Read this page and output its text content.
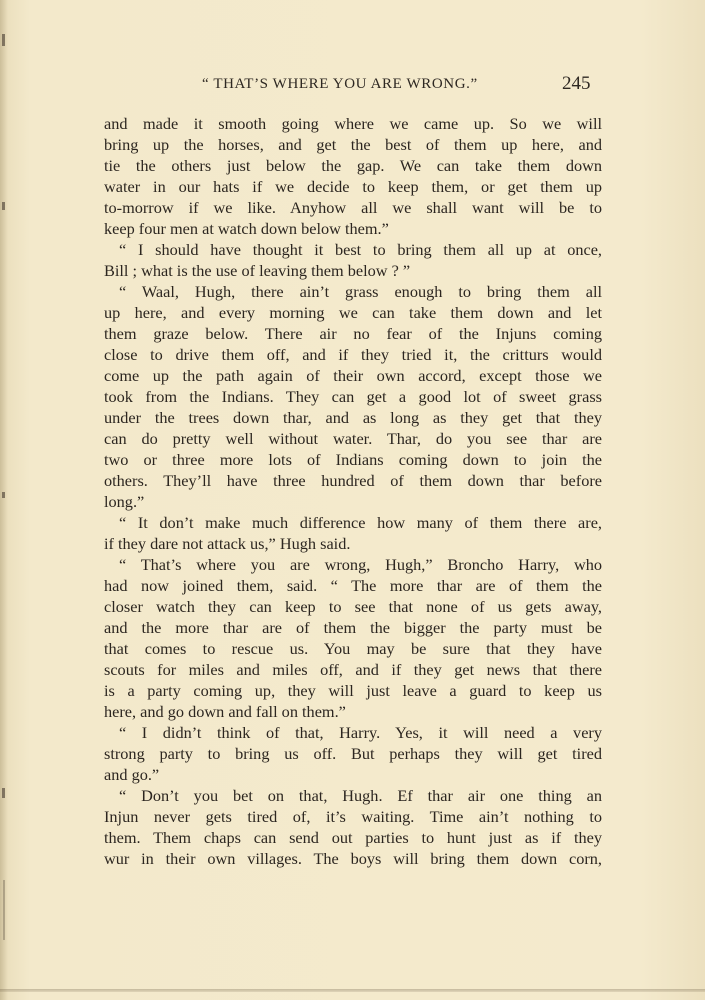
“ THAT’S WHERE YOU ARE WRONG.”	245
and made it smooth going where we came up. So we will
bring up the horses, and get the best of them up here, and
tie the others just below the gap. We can take them down
water in our hats if we decide to keep them, or get them up
to-morrow if we like. Anyhow all we shall want will be to
keep four men at watch down below them.”
“ I should have thought it best to bring them all up at once,
Bill ; what is the use of leaving them below ? ”
“ Waal, Hugh, there ain’t grass enough to bring them all
up here, and every morning we can take them down and let
them graze below. There air no fear of the Injuns coming
close to drive them off, and if they tried it, the critturs would
come up the path again of their own accord, except those we
took from the Indians. They can get a good lot of sweet grass
under the trees down thar, and as long as they get that they
can do pretty well without water. Thar, do you see thar are
two or three more lots of Indians coming down to join the
others. They’ll have three hundred of them down thar before
long.”
“ It don’t make much difference how many of them there are,
if they dare not attack us,” Hugh said.
“ That’s where you are wrong, Hugh,” Broncho Harry, who
had now joined them, said. “ The more thar are of them the
closer watch they can keep to see that none of us gets away,
and the more thar are of them the bigger the party must be
that comes to rescue us. You may be sure that they have
scouts for miles and miles off, and if they get news that there
is a party coming up, they will just leave a guard to keep us
here, and go down and fall on them.”
“ I didn’t think of that, Harry. Yes, it will need a very
strong party to bring us off. But perhaps they will get tired
and go.”
“ Don’t you bet on that, Hugh. Ef thar air one thing an
Injun never gets tired of, it’s waiting. Time ain’t nothing to
them. Them chaps can send out parties to hunt just as if they
wur in their own villages. The boys will bring them down corn,
